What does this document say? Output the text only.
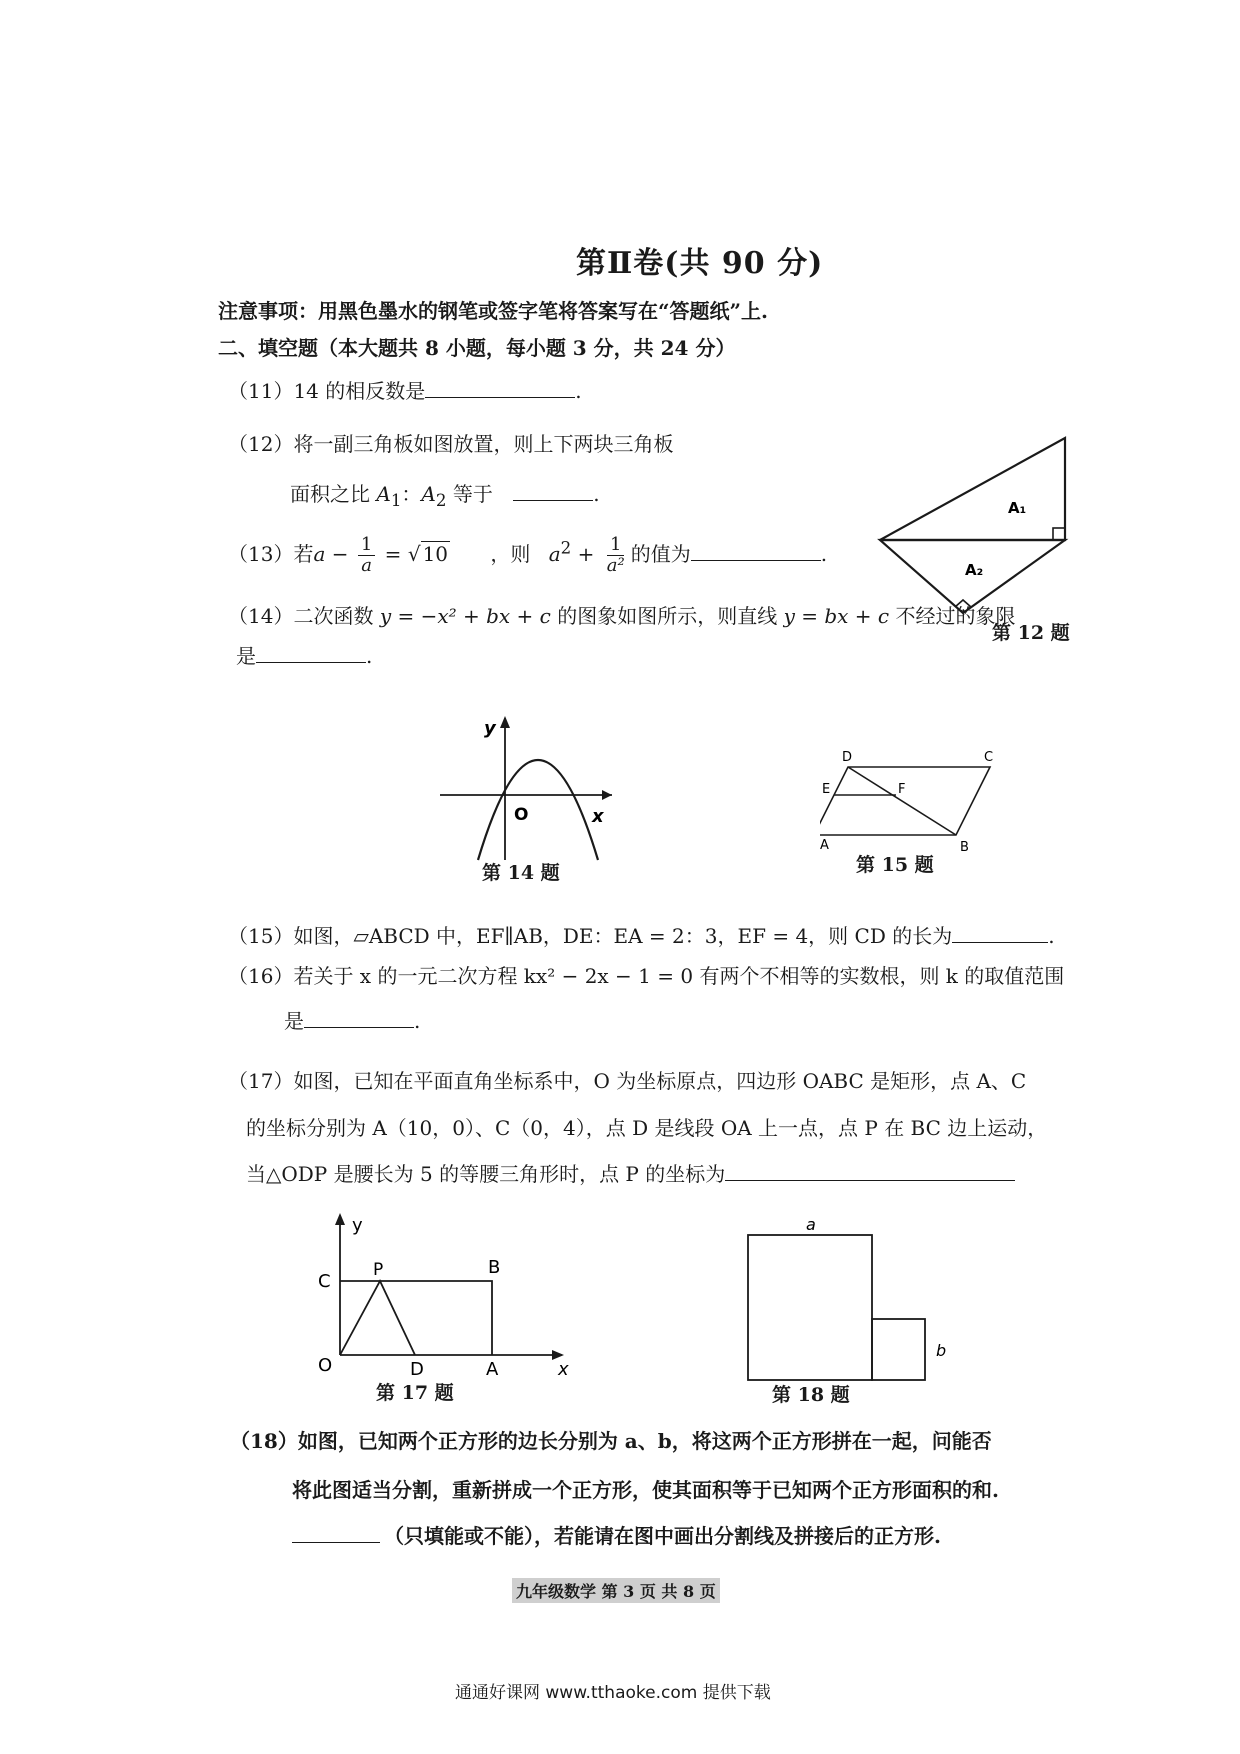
第Ⅱ卷(共 90 分)
注意事项：用黑色墨水的钢笔或签字笔将答案写在“答题纸”上.
二、填空题（本大题共 8 小题，每小题 3 分，共 24 分）
（11）14 的相反数是	.
（12）将一副三角板如图放置，则上下两块三角板
面积之比 $A_1$：$A_2$ 等于	.
（13）若$a - \frac{1}{a}$ = √ 10 ，则 $a^2 + \frac{1}{\text{a²}}$ 的值为	.
A₁
A₂
第 12 题
（14）二次函数 y = −x² + bx + c 的图象如图所示，则直线 y = bx + c 不经过的象限
是	.
y
O	x
第 14 题
D	C
E	F
A	B
第 15 题
（15）如图，▱ABCD 中，EF∥AB，DE：EA = 2：3，EF = 4，则 CD 的长为	.
（16）若关于 x 的一元二次方程 kx² − 2x − 1 = 0 有两个不相等的实数根，则 k 的取值范围
是	.
（17）如图，已知在平面直角坐标系中，O 为坐标原点，四边形 OABC 是矩形，点 A、C
的坐标分别为 A（10，0）、C（0，4），点 D 是线段 OA 上一点，点 P 在 BC 边上运动，
当△ODP 是腰长为 5 的等腰三角形时，点 P 的坐标为
y
C
P	B
O	D	A	x
第 17 题
a
b
第 18 题
（18）如图，已知两个正方形的边长分别为 a、b，将这两个正方形拼在一起，问能否
将此图适当分割，重新拼成一个正方形，使其面积等于已知两个正方形面积的和.
（只填能或不能），若能请在图中画出分割线及拼接后的正方形.
九年级数学 第 3 页 共 8 页
通通好课网 www.tthaoke.com 提供下载
